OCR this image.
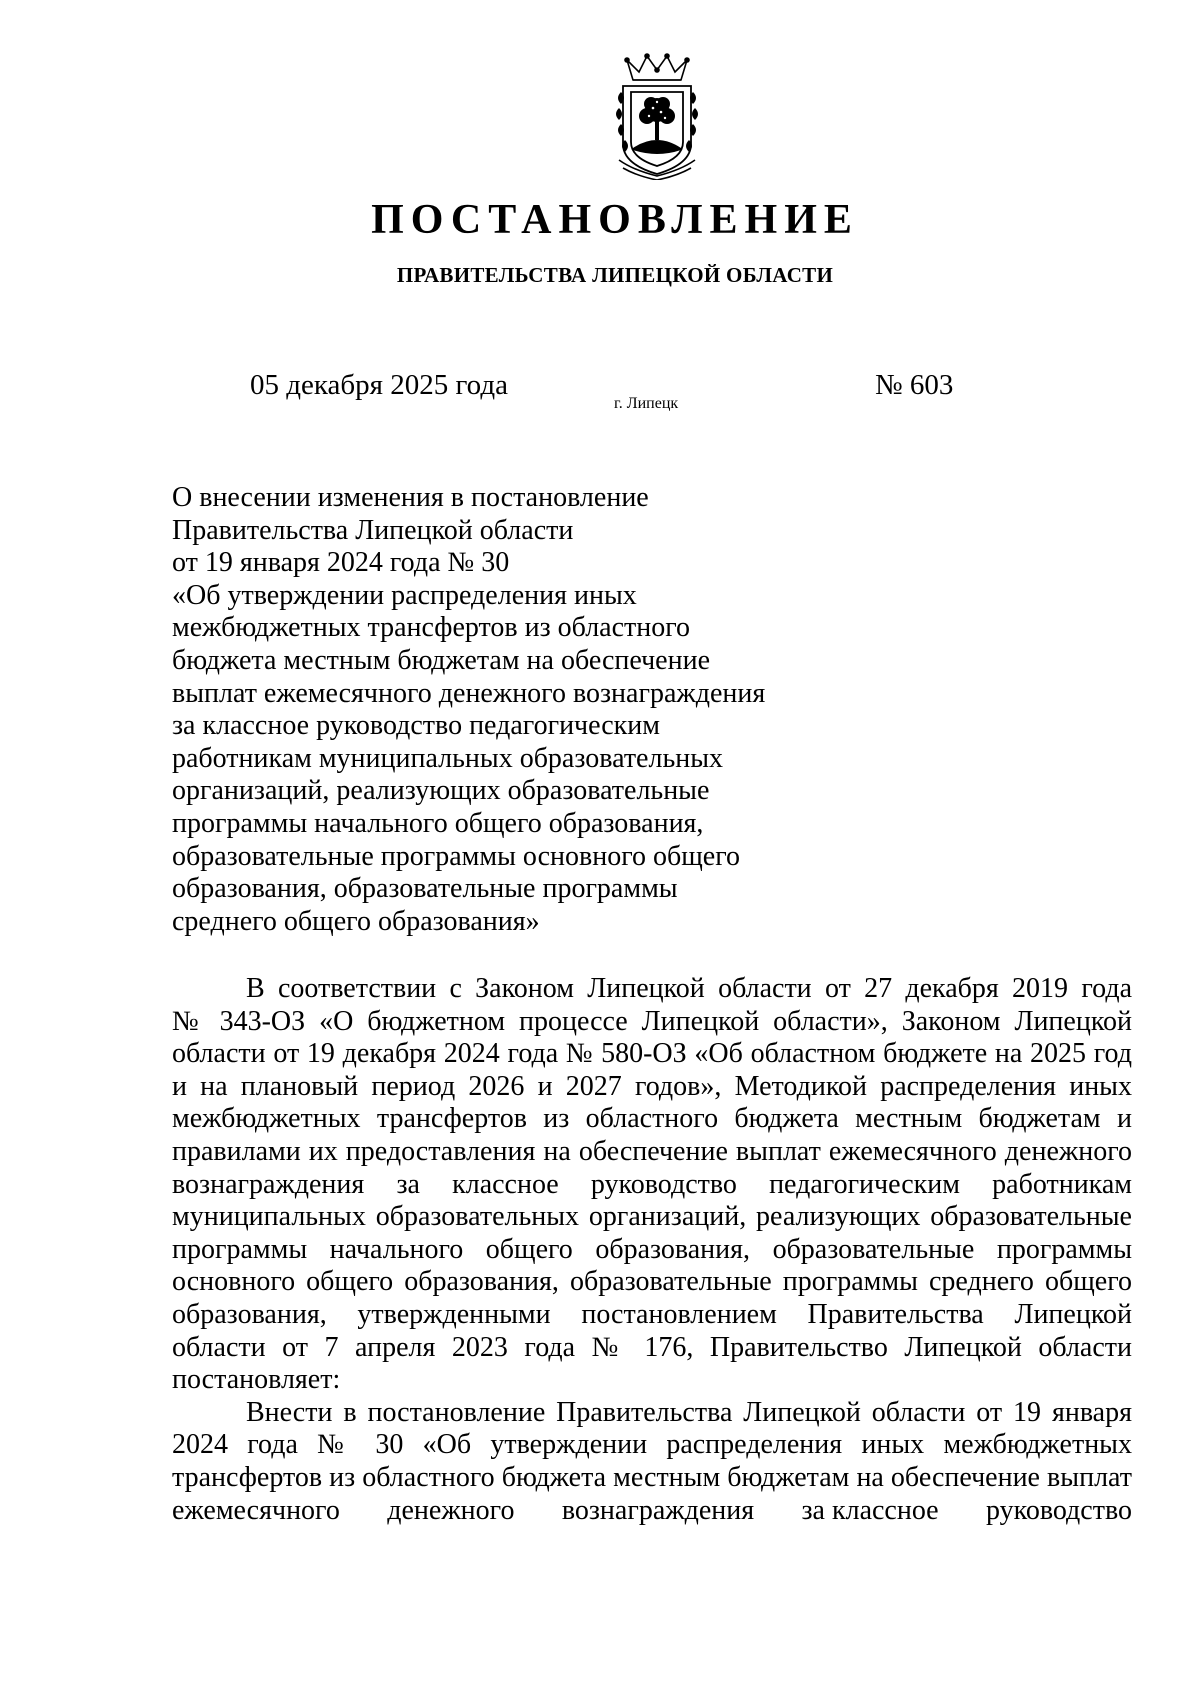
ПОСТАНОВЛЕНИЕ
ПРАВИТЕЛЬСТВА ЛИПЕЦКОЙ ОБЛАСТИ
05 декабря 2025 года
г. Липецк
№ 603
О внесении изменения в постановление
Правительства Липецкой области
от 19 января 2024 года № 30
«Об утверждении распределения иных
межбюджетных трансфертов из областного
бюджета местным бюджетам на обеспечение
выплат ежемесячного денежного вознаграждения
за классное руководство педагогическим
работникам муниципальных образовательных
организаций, реализующих образовательные
программы начального общего образования,
образовательные программы основного общего
образования, образовательные программы
среднего общего образования»
В соответствии с Законом Липецкой области от 27 декабря 2019 года
№ 343-ОЗ «О бюджетном процессе Липецкой области», Законом Липецкой
области от 19 декабря 2024 года № 580-ОЗ «Об областном бюджете на 2025 год
и на плановый период 2026 и 2027 годов», Методикой распределения иных
межбюджетных трансфертов из областного бюджета местным бюджетам и
правилами их предоставления на обеспечение выплат ежемесячного денежного
вознаграждения за классное руководство педагогическим работникам
муниципальных образовательных организаций, реализующих образовательные
программы начального общего образования, образовательные программы
основного общего образования, образовательные программы среднего общего
образования, утвержденными постановлением Правительства Липецкой
области от 7 апреля 2023 года № 176, Правительство Липецкой области
постановляет:
Внести в постановление Правительства Липецкой области от 19 января
2024 года № 30 «Об утверждении распределения иных межбюджетных
трансфертов из областного бюджета местным бюджетам на обеспечение выплат
ежемесячного денежного вознаграждения за классное руководство
